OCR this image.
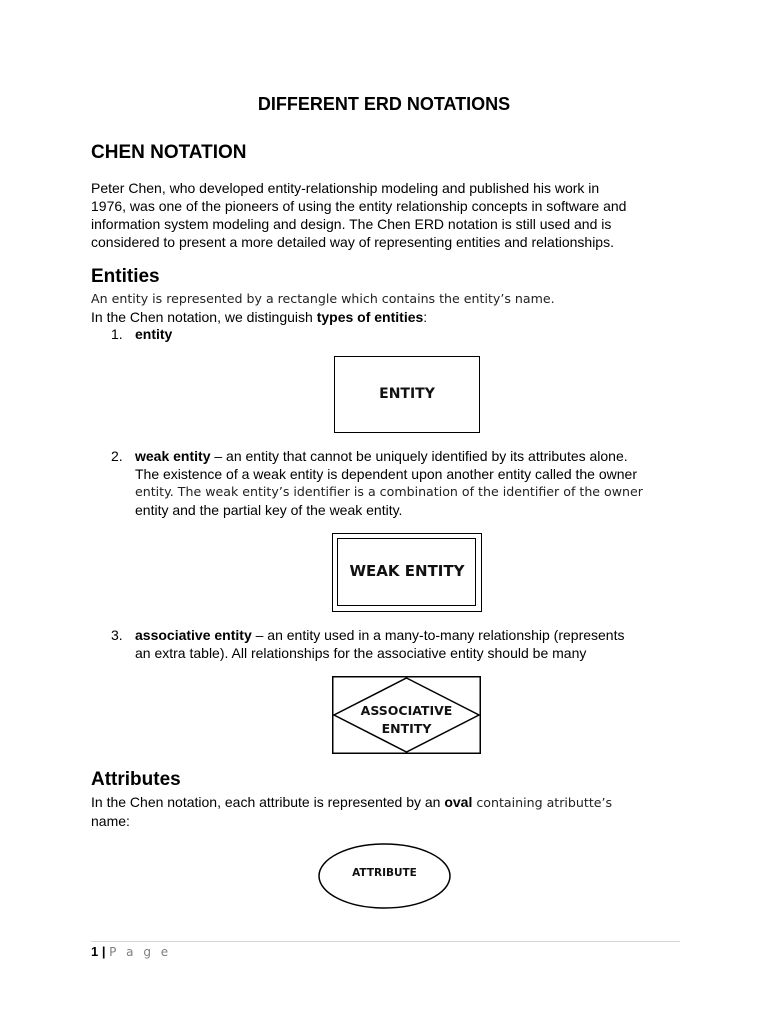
DIFFERENT ERD NOTATIONS
CHEN NOTATION
Peter Chen, who developed entity-relationship modeling and published his work in
1976, was one of the pioneers of using the entity relationship concepts in software and
information system modeling and design. The Chen ERD notation is still used and is
considered to present a more detailed way of representing entities and relationships.
Entities
An entity is represented by a rectangle which contains the entity’s name.
In the Chen notation, we distinguish types of entities:
1. entity
ENTITY
2. weak entity – an entity that cannot be uniquely identified by its attributes alone.
The existence of a weak entity is dependent upon another entity called the owner
entity. The weak entity’s identifier is a combination of the identifier of the owner
entity and the partial key of the weak entity.
WEAK ENTITY
3. associative entity – an entity used in a many-to-many relationship (represents
an extra table). All relationships for the associative entity should be many
ASSOCIATIVE
ENTITY
Attributes
In the Chen notation, each attribute is represented by an oval containing atributte’s
name:
ATTRIBUTE
1 | P a g e
